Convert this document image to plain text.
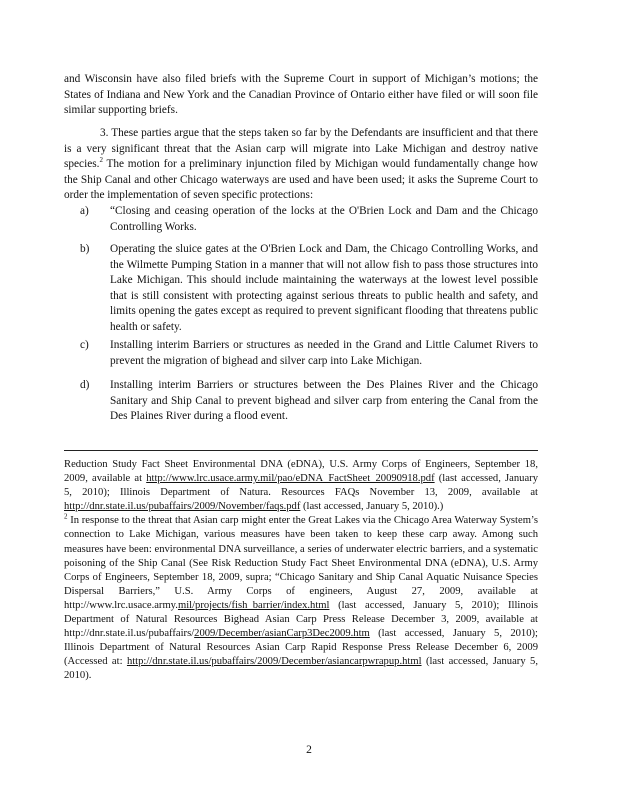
and Wisconsin have also filed briefs with the Supreme Court in support of Michigan’s motions; the States of Indiana and New York and the Canadian Province of Ontario either have filed or will soon file similar supporting briefs.
3. These parties argue that the steps taken so far by the Defendants are insufficient and that there is a very significant threat that the Asian carp will migrate into Lake Michigan and destroy native species.$^2$ The motion for a preliminary injunction filed by Michigan would fundamentally change how the Ship Canal and other Chicago waterways are used and have been used; it asks the Supreme Court to order the implementation of seven specific protections:
a) “Closing and ceasing operation of the locks at the O'Brien Lock and Dam and the Chicago Controlling Works.
b) Operating the sluice gates at the O'Brien Lock and Dam, the Chicago Controlling Works, and the Wilmette Pumping Station in a manner that will not allow fish to pass those structures into Lake Michigan. This should include maintaining the waterways at the lowest level possible that is still consistent with protecting against serious threats to public health and safety, and limits opening the gates except as required to prevent significant flooding that threatens public health or safety.
c) Installing interim Barriers or structures as needed in the Grand and Little Calumet Rivers to prevent the migration of bighead and silver carp into Lake Michigan.
d) Installing interim Barriers or structures between the Des Plaines River and the Chicago Sanitary and Ship Canal to prevent bighead and silver carp from entering the Canal from the Des Plaines River during a flood event.

Reduction Study Fact Sheet Environmental DNA (eDNA), U.S. Army Corps of Engineers, September 18, 2009, available at http://www.lrc.usace.army.mil/pao/eDNA_FactSheet_20090918.pdf (last accessed, January 5, 2010); Illinois Department of Natura. Resources FAQs November 13, 2009, available at http://dnr.state.il.us/pubaffairs/2009/November/faqs.pdf (last accessed, January 5, 2010).)

$^2$ In response to the threat that Asian carp might enter the Great Lakes via the Chicago Area Waterway System’s connection to Lake Michigan, various measures have been taken to keep these carp away. Among such measures have been: environmental DNA surveillance, a series of underwater electric barriers, and a systematic poisoning of the Ship Canal (See Risk Reduction Study Fact Sheet Environmental DNA (eDNA), U.S. Army Corps of Engineers, September 18, 2009, supra; “Chicago Sanitary and Ship Canal Aquatic Nuisance Species Dispersal Barriers,” U.S. Army Corps of engineers, August 27, 2009, available at http://www.lrc.usace.army.mil/projects/fish_barrier/index.html (last accessed, January 5, 2010); Illinois Department of Natural Resources Bighead Asian Carp Press Release December 3, 2009, available at http://dnr.state.il.us/pubaffairs/2009/December/asianCarp3Dec2009.htm (last accessed, January 5, 2010); Illinois Department of Natural Resources Asian Carp Rapid Response Press Release December 6, 2009 (Accessed at: http://dnr.state.il.us/pubaffairs/2009/December/asiancarpwrapup.html (last accessed, January 5, 2010).

2
